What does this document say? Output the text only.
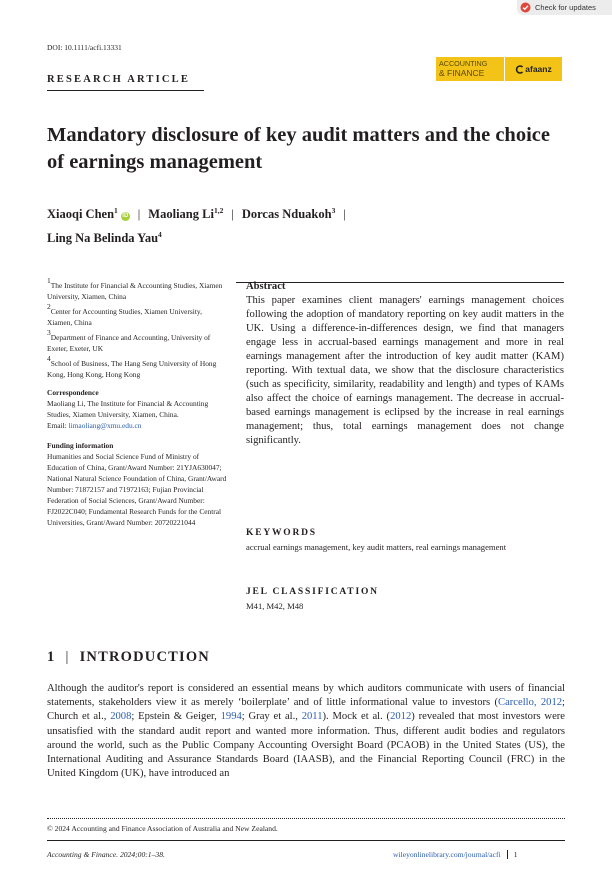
Check for updates
DOI: 10.1111/acfi.13331
RESEARCH ARTICLE
ACCOUNTING
& FINANCE	afaanz
Mandatory disclosure of key audit matters and the choice of earnings management
Xiaoqi Chen$^1$iD | Maoliang Li$^{1,2}$ | Dorcas Nduakoh$^3$ |
Ling Na Belinda Yau$^4$
$^1$The Institute for Financial & Accounting Studies, Xiamen University, Xiamen, China
$^2$Center for Accounting Studies, Xiamen University, Xiamen, China
$^3$Department of Finance and Accounting, University of Exeter, Exeter, UK
$^4$School of Business, The Hang Seng University of Hong Kong, Hong Kong, Hong Kong
Correspondence
Maoliang Li, The Institute for Financial & Accounting Studies, Xiamen University, Xiamen, China.
Email: limaoliang@xmu.edu.cn
Funding information
Humanities and Social Science Fund of Ministry of Education of China, Grant/Award Number: 21YJA630047; National Natural Science Foundation of China, Grant/Award Number: 71872157 and 71972163; Fujian Provincial Federation of Social Sciences, Grant/Award Number: FJ2022C040; Fundamental Research Funds for the Central Universities, Grant/Award Number: 20720221044
Abstract
This paper examines client managers' earnings management choices following the adoption of mandatory reporting on key audit matters in the UK. Using a difference-in-differences design, we find that managers engage less in accrual-based earnings management and more in real earnings management after the introduction of key audit matter (KAM) reporting. With textual data, we show that the disclosure characteristics (such as specificity, similarity, readability and length) and types of KAMs also affect the choice of earnings management. The decrease in accrual-based earnings management is eclipsed by the increase in real earnings management; thus, total earnings management does not change significantly.
KEYWORDS
accrual earnings management, key audit matters, real earnings management
JEL CLASSIFICATION
M41, M42, M48
1 | INTRODUCTION
Although the auditor's report is considered an essential means by which auditors communicate with users of financial statements, stakeholders view it as merely ‘boilerplate’ and of little informational value to investors (Carcello, 2012; Church et al., 2008; Epstein & Geiger, 1994; Gray et al., 2011). Mock et al. (2012) revealed that most investors were unsatisfied with the standard audit report and wanted more information. Thus, different audit bodies and regulators around the world, such as the Public Company Accounting Oversight Board (PCAOB) in the United States (US), the International Auditing and Assurance Standards Board (IAASB), and the Financial Reporting Council (FRC) in the United Kingdom (UK), have introduced an
© 2024 Accounting and Finance Association of Australia and New Zealand.
Accounting & Finance. 2024;00:1–38.	wileyonlinelibrary.com/journal/acfi 1
